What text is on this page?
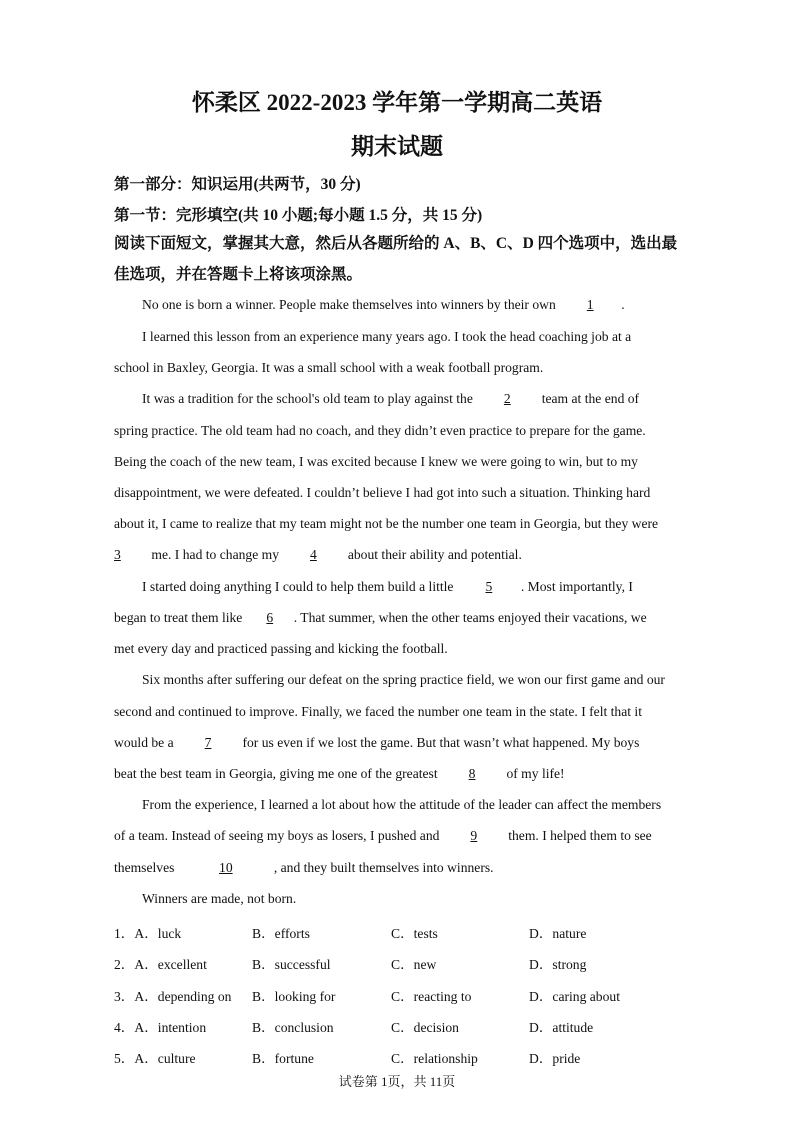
怀柔区 2022-2023 学年第一学期高二英语
期末试题
第一部分：知识运用(共两节，30 分)
第一节：完形填空(共 10 小题;每小题 1.5 分，共 15 分)
阅读下面短文，掌握其大意，然后从各题所给的 A、B、C、D 四个选项中，选出最佳选项，并在答题卡上将该项涂黑。
No one is born a winner. People make themselves into winners by their own 1 .
I learned this lesson from an experience many years ago. I took the head coaching job at a
school in Baxley, Georgia. It was a small school with a weak football program.
It was a tradition for the school's old team to play against the 2 team at the end of
spring practice. The old team had no coach, and they didn’t even practice to prepare for the game.
Being the coach of the new team, I was excited because I knew we were going to win, but to my
disappointment, we were defeated. I couldn’t believe I had got into such a situation. Thinking hard
about it, I came to realize that my team might not be the number one team in Georgia, but they were
3 me. I had to change my 4 about their ability and potential.
I started doing anything I could to help them build a little 5 . Most importantly, I
began to treat them like 6 . That summer, when the other teams enjoyed their vacations, we
met every day and practiced passing and kicking the football.
Six months after suffering our defeat on the spring practice field, we won our first game and our
second and continued to improve. Finally, we faced the number one team in the state. I felt that it
would be a 7 for us even if we lost the game. But that wasn’t what happened. My boys
beat the best team in Georgia, giving me one of the greatest 8 of my life!
From the experience, I learned a lot about how the attitude of the leader can affect the members
of a team. Instead of seeing my boys as losers, I pushed and 9 them. I helped them to see
themselves	10	, and they built themselves into winners.
Winners are made, not born.
1．A．luck	B．efforts	C．tests	D．nature
2．A．excellent	B．successful	C．new	D．strong
3．A．depending on B．looking for	C．reacting to	D．caring about
4．A．intention	B．conclusion	C．decision	D．attitude
5．A．culture	B．fortune	C．relationship	D．pride
试卷第 1页，共 11页
